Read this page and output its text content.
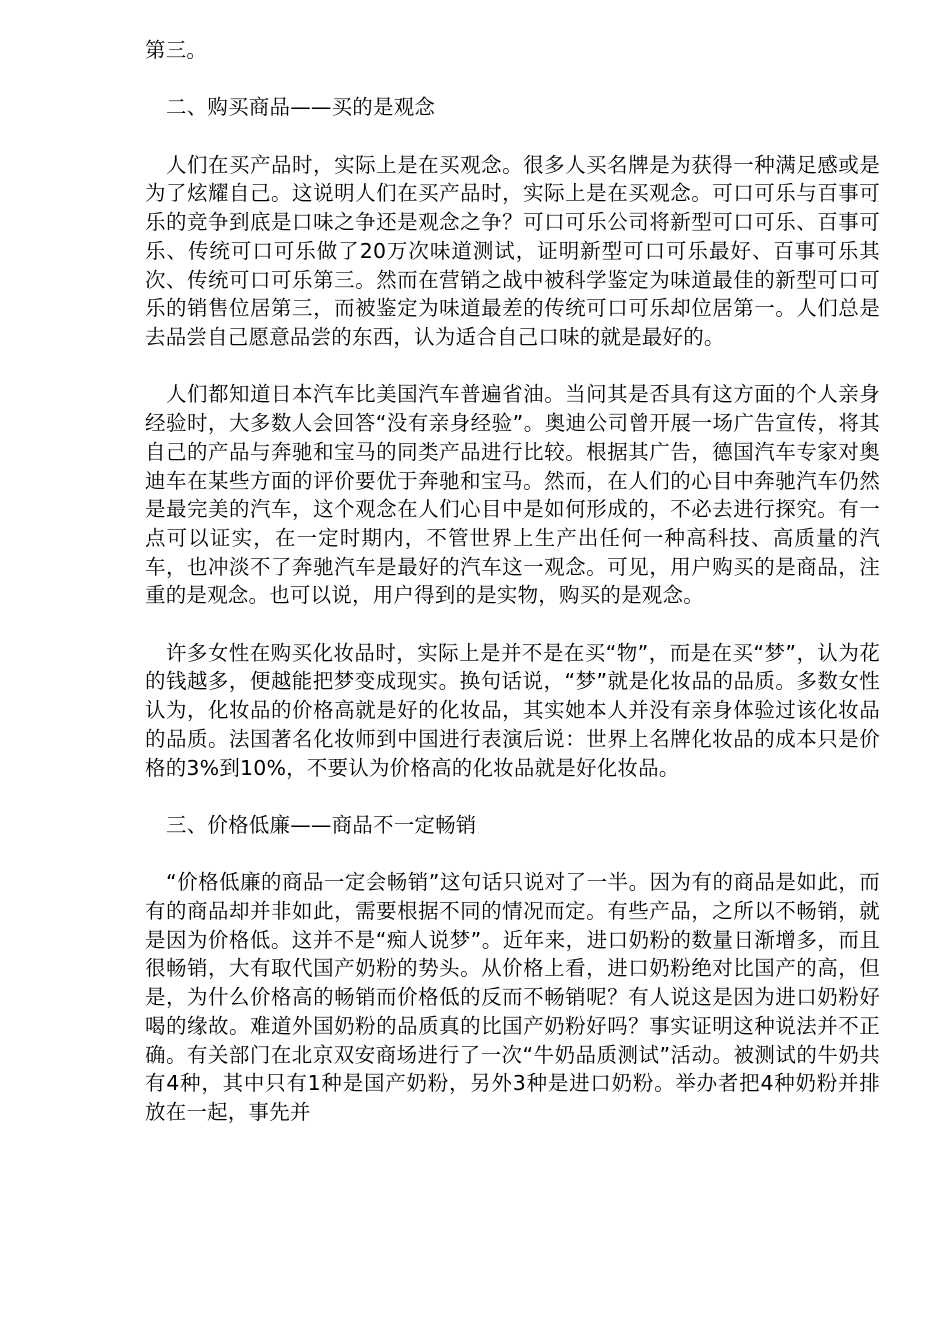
第三。

二、购买商品——买的是观念

人们在买产品时，实际上是在买观念。很多人买名牌是为获得一种满足感或是为了炫耀自己。这说明人们在买产品时，实际上是在买观念。可口可乐与百事可乐的竞争到底是口味之争还是观念之争？可口可乐公司将新型可口可乐、百事可乐、传统可口可乐做了20万次味道测试，证明新型可口可乐最好、百事可乐其次、传统可口可乐第三。然而在营销之战中被科学鉴定为味道最佳的新型可口可乐的销售位居第三，而被鉴定为味道最差的传统可口可乐却位居第一。人们总是去品尝自己愿意品尝的东西，认为适合自己口味的就是最好的。

人们都知道日本汽车比美国汽车普遍省油。当问其是否具有这方面的个人亲身经验时，大多数人会回答“没有亲身经验”。奥迪公司曾开展一场广告宣传，将其自己的产品与奔驰和宝马的同类产品进行比较。根据其广告，德国汽车专家对奥迪车在某些方面的评价要优于奔驰和宝马。然而，在人们的心目中奔驰汽车仍然是最完美的汽车，这个观念在人们心目中是如何形成的，不必去进行探究。有一点可以证实，在一定时期内，不管世界上生产出任何一种高科技、高质量的汽车，也冲淡不了奔驰汽车是最好的汽车这一观念。可见，用户购买的是商品，注重的是观念。也可以说，用户得到的是实物，购买的是观念。

许多女性在购买化妆品时，实际上是并不是在买“物”，而是在买“梦”，认为花的钱越多，便越能把梦变成现实。换句话说，“梦”就是化妆品的品质。多数女性认为，化妆品的价格高就是好的化妆品，其实她本人并没有亲身体验过该化妆品的品质。法国著名化妆师到中国进行表演后说：世界上名牌化妆品的成本只是价格的3%到10%，不要认为价格高的化妆品就是好化妆品。

三、价格低廉——商品不一定畅销

“价格低廉的商品一定会畅销”这句话只说对了一半。因为有的商品是如此，而有的商品却并非如此，需要根据不同的情况而定。有些产品，之所以不畅销，就是因为价格低。这并不是“痴人说梦”。近年来，进口奶粉的数量日渐增多，而且很畅销，大有取代国产奶粉的势头。从价格上看，进口奶粉绝对比国产的高，但是，为什么价格高的畅销而价格低的反而不畅销呢？有人说这是因为进口奶粉好喝的缘故。难道外国奶粉的品质真的比国产奶粉好吗？事实证明这种说法并不正确。有关部门在北京双安商场进行了一次“牛奶品质测试”活动。被测试的牛奶共有4种，其中只有1种是国产奶粉，另外3种是进口奶粉。举办者把4种奶粉并排放在一起，事先并
